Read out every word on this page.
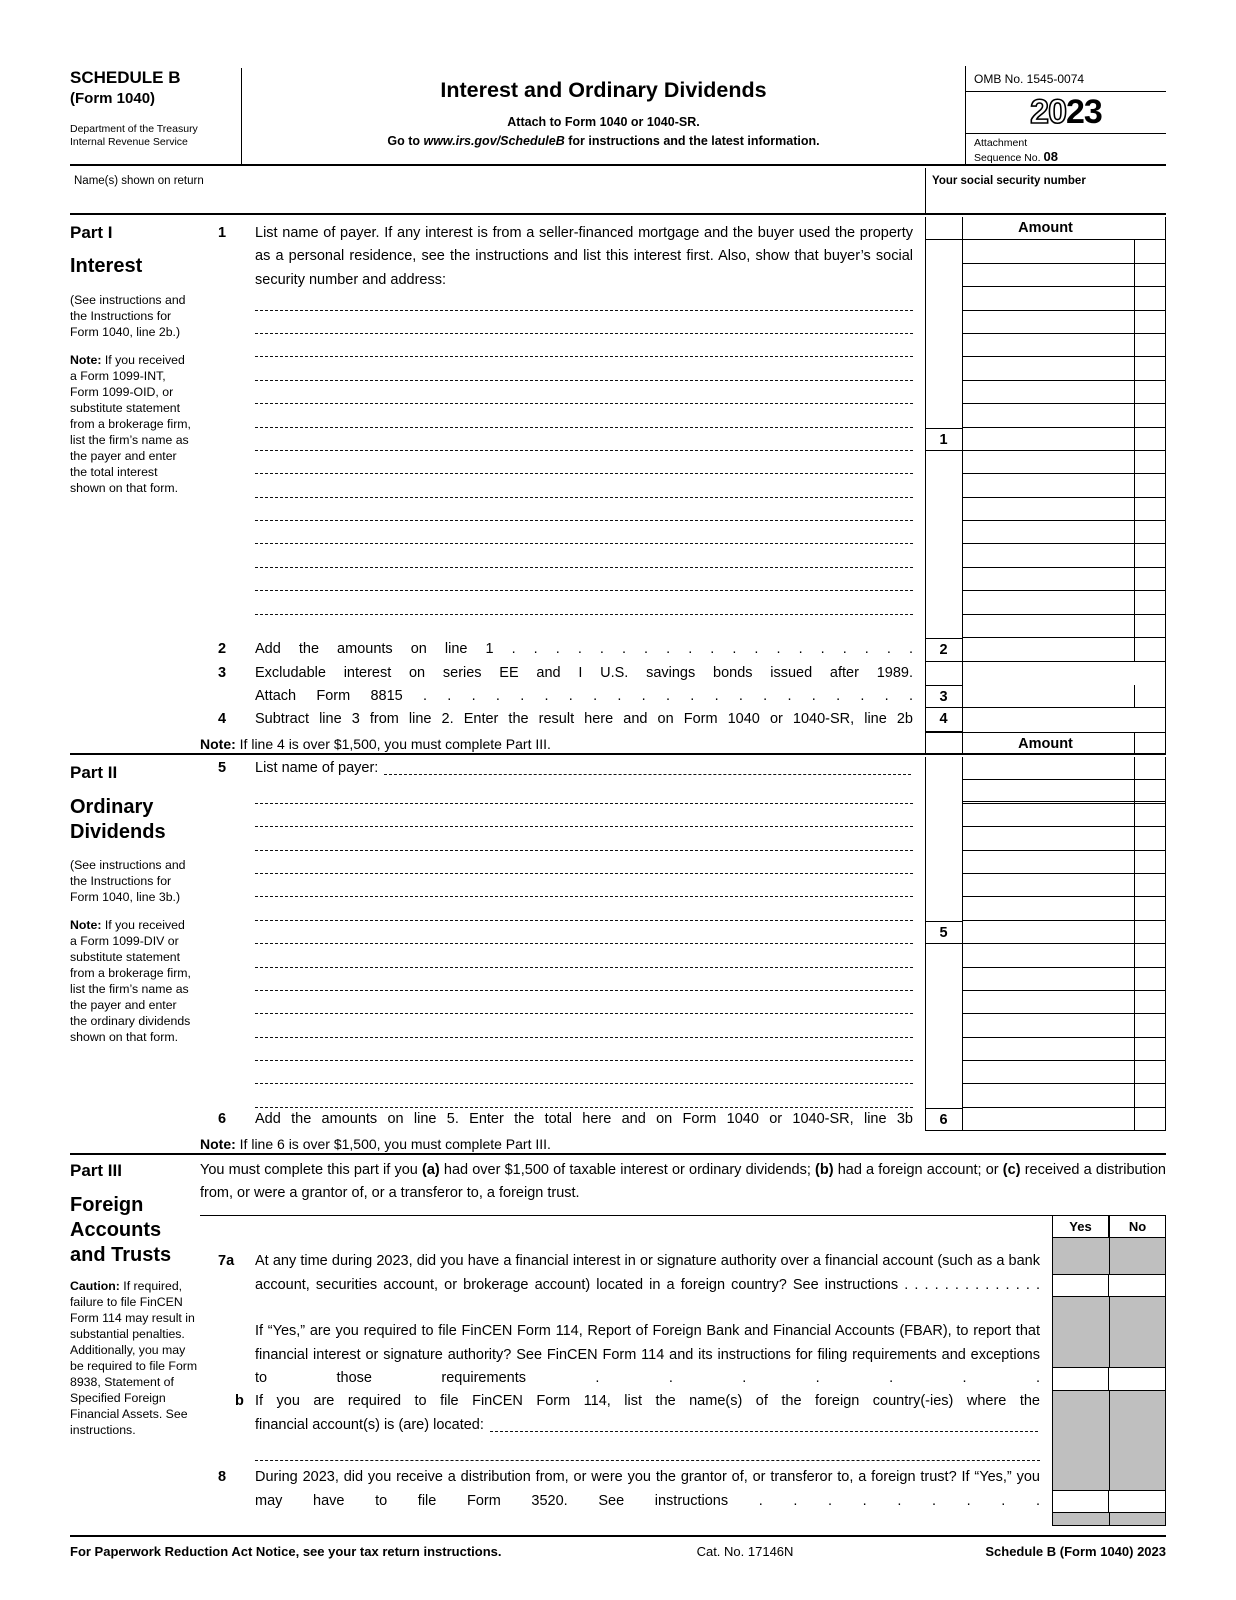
SCHEDULE B
(Form 1040)
Department of the Treasury
Internal Revenue Service
Interest and Ordinary Dividends
Attach to Form 1040 or 1040-SR.
Go to www.irs.gov/ScheduleB for instructions and the latest information.
OMB No. 1545-0074
2023
Attachment
Sequence No. 08
Name(s) shown on return	Your social security number
Part I
Interest
(See instructions and the Instructions for Form 1040, line 2b.)
Note: If you received a Form 1099-INT, Form 1099-OID, or substitute statement from a brokerage firm, list the firm’s name as the payer and enter the total interest shown on that form.
1 List name of payer. If any interest is from a seller-financed mortgage and the buyer used the property as a personal residence, see the instructions and list this interest first. Also, show that buyer’s social security number and address:
Amount
1
2	Add the amounts on line 1 . . . . . . . . . . . . . . . . . . .	2
3	Excludable interest on series EE and I U.S. savings bonds issued after 1989.
Attach Form 8815 . . . . . . . . . . . . . . . . . . . . .	3
4	Subtract line 3 from line 2. Enter the result here and on Form 1040 or 1040-SR, line 2b	4
Note: If line 4 is over $1,500, you must complete Part III.	Amount
Part II
Ordinary Dividends
(See instructions and the Instructions for Form 1040, line 3b.)
Note: If you received a Form 1099-DIV or substitute statement from a brokerage firm, list the firm’s name as the payer and enter the ordinary dividends shown on that form.
5	List name of payer:
5
6	Add the amounts on line 5. Enter the total here and on Form 1040 or 1040-SR, line 3b	6
Note: If line 6 is over $1,500, you must complete Part III.
Part III
Foreign Accounts and Trusts
Caution: If required, failure to file FinCEN Form 114 may result in substantial penalties. Additionally, you may be required to file Form 8938, Statement of Specified Foreign Financial Assets. See instructions.
You must complete this part if you (a) had over $1,500 of taxable interest or ordinary dividends; (b) had a foreign account; or (c) received a distribution from, or were a grantor of, or a transferor to, a foreign trust.
Yes	No
7a	At any time during 2023, did you have a financial interest in or signature authority over a financial account (such as a bank account, securities account, or brokerage account) located in a foreign country? See instructions . . . . . . . . . . . . . .
If “Yes,” are you required to file FinCEN Form 114, Report of Foreign Bank and Financial Accounts (FBAR), to report that financial interest or signature authority? See FinCEN Form 114 and its instructions for filing requirements and exceptions to those requirements . . . . . . .
b If you are required to file FinCEN Form 114, list the name(s) of the foreign country(-ies) where the
financial account(s) is (are) located:
8	During 2023, did you receive a distribution from, or were you the grantor of, or transferor to, a foreign trust? If “Yes,” you may have to file Form 3520. See instructions . . . . . . . . .
For Paperwork Reduction Act Notice, see your tax return instructions.	Cat. No. 17146N	Schedule B (Form 1040) 2023
